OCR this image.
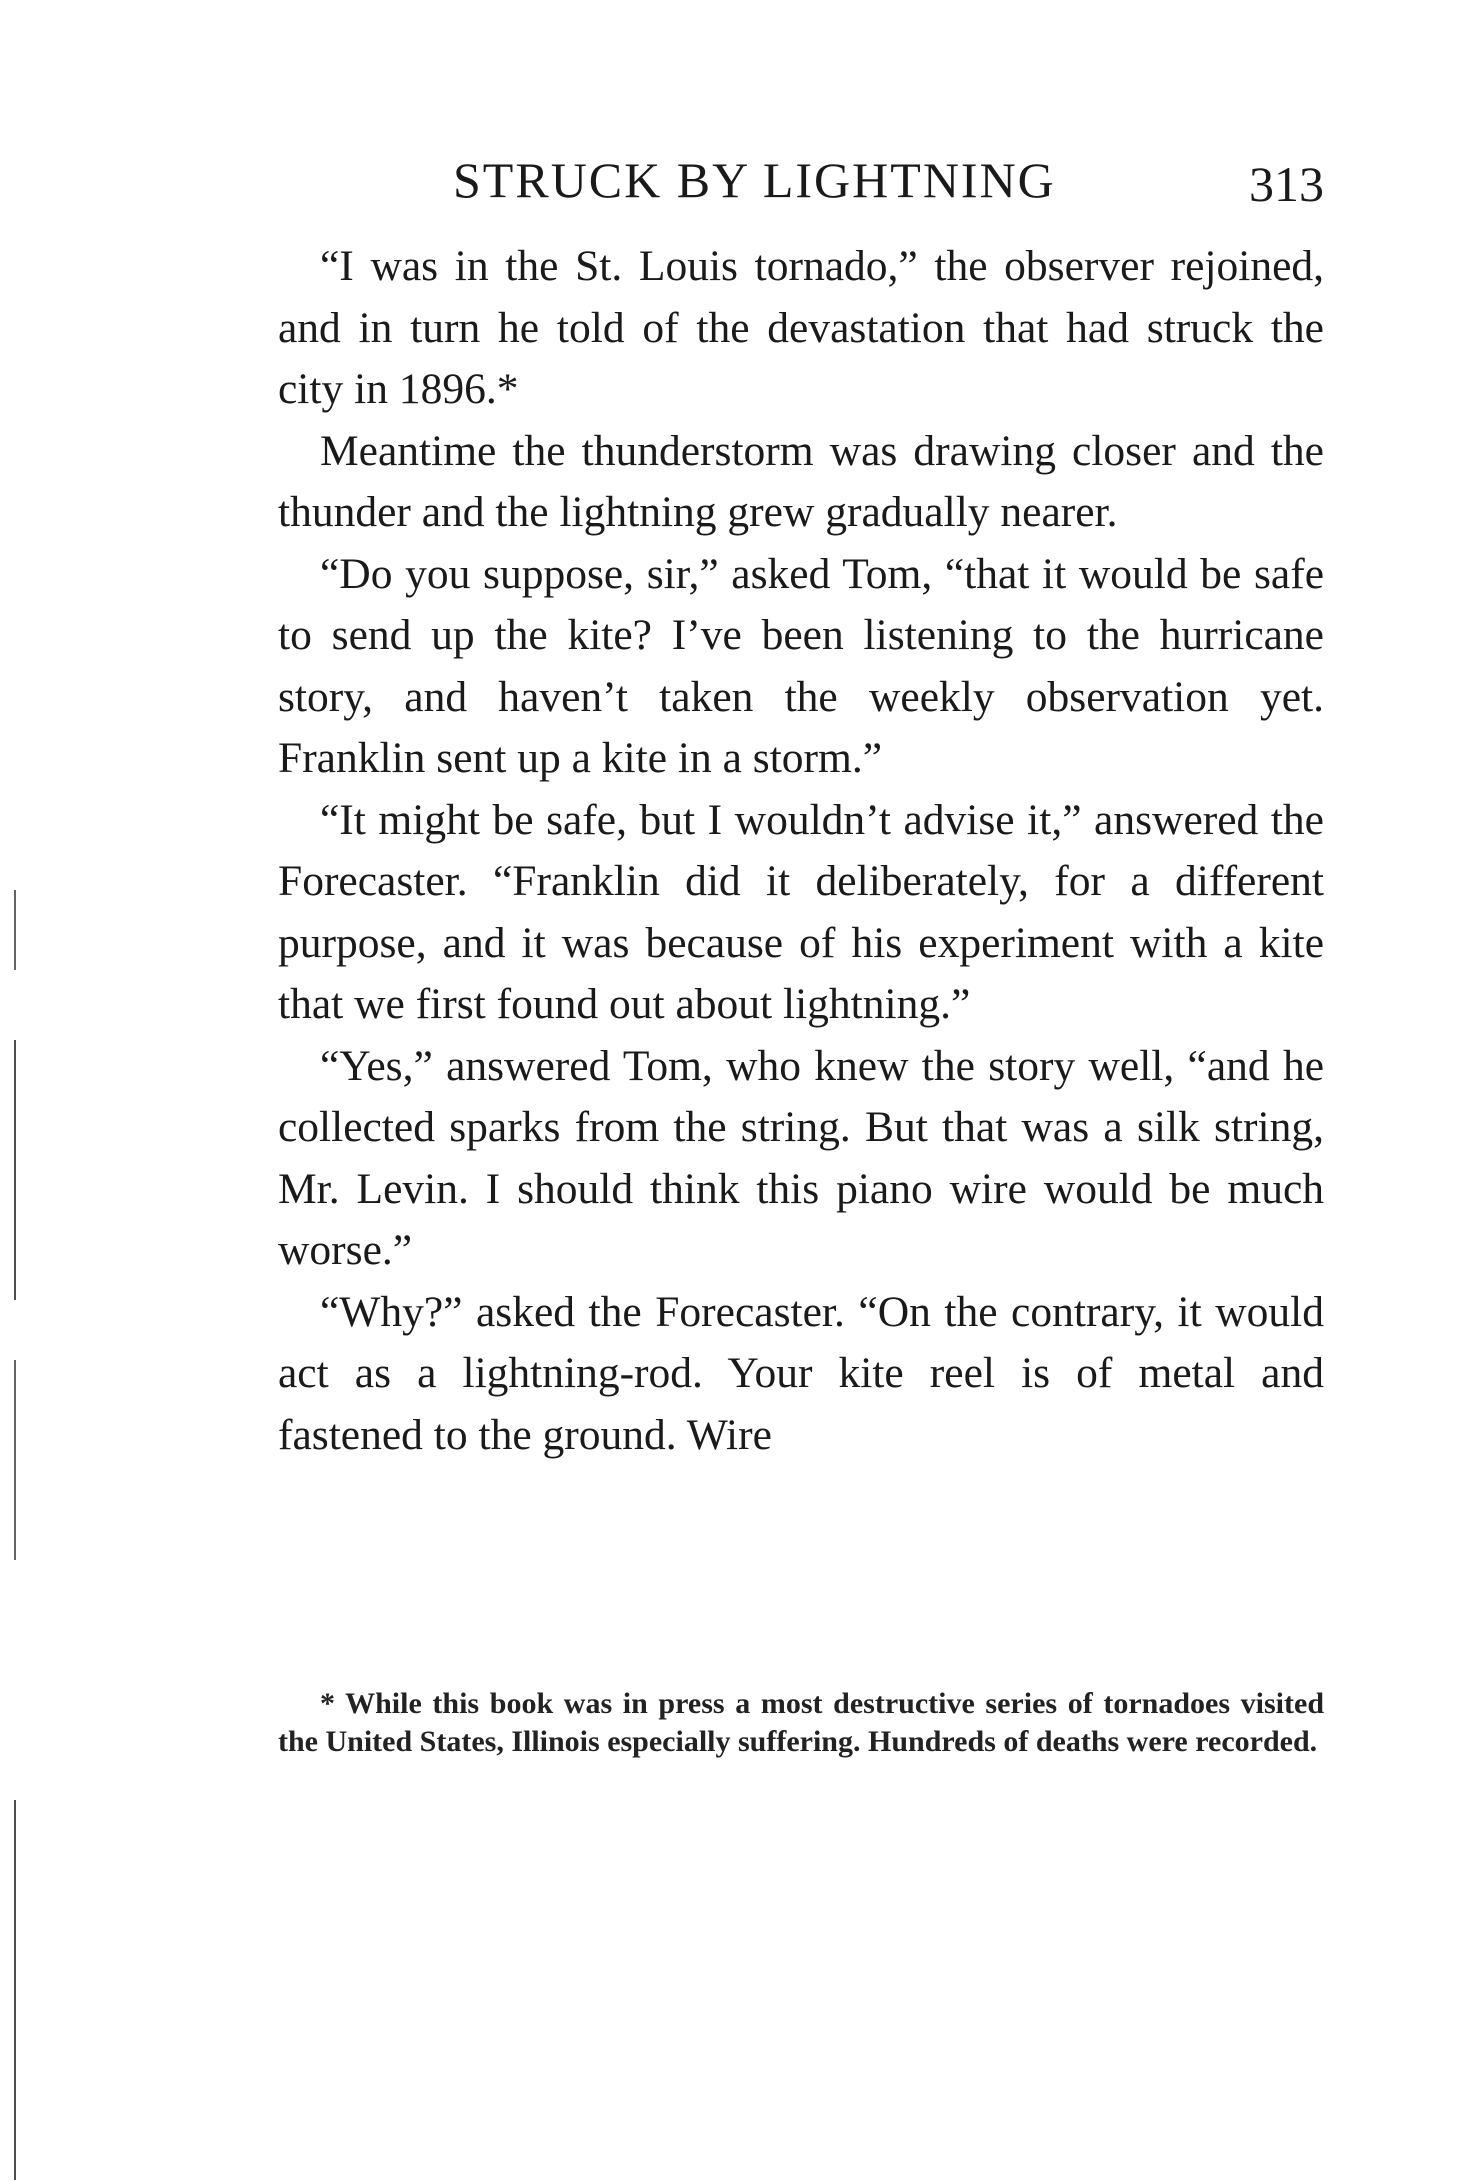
STRUCK BY LIGHTNING	313

“I was in the St. Louis tornado,” the observer rejoined, and in turn he told of the devastation that had struck the city in 1896.*

Meantime the thunderstorm was drawing closer and the thunder and the lightning grew gradually nearer.

“Do you suppose, sir,” asked Tom, “that it would be safe to send up the kite? I’ve been listening to the hurricane story, and haven’t taken the weekly observation yet. Franklin sent up a kite in a storm.”

“It might be safe, but I wouldn’t advise it,” answered the Forecaster. “Franklin did it deliberately, for a different purpose, and it was because of his experiment with a kite that we first found out about lightning.”

“Yes,” answered Tom, who knew the story well, “and he collected sparks from the string. But that was a silk string, Mr. Levin. I should think this piano wire would be much worse.”

“Why?” asked the Forecaster. “On the contrary, it would act as a lightning-rod. Your kite reel is of metal and fastened to the ground. Wire

* While this book was in press a most destructive series of tornadoes visited the United States, Illinois especially suffering. Hundreds of deaths were recorded.
